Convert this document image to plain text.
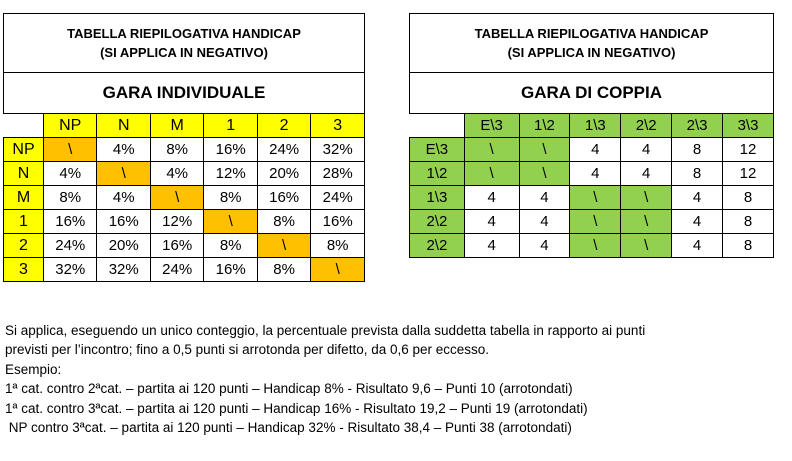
TABELLA RIEPILOGATIVA HANDICAP
(SI APPLICA IN NEGATIVO)						

GARA INDIVIDUALE						
	NP	N	M	1	2	3
NP	\	4%	8%	16%	24%	32%
N	4%	\	4%	12%	20%	28%
M	8%	4%	\	8%	16%	24%
1	16%	16%	12%	\	8%	16%
2	24%	20%	16%	8%	\	8%
3	32%	32%	24%	16%	8%	\
TABELLA RIEPILOGATIVA HANDICAP
(SI APPLICA IN NEGATIVO)						

GARA DI COPPIA						
	E\3	1\2	1\3	2\2	2\3	3\3
E\3	\	\	4	4	8	12
1\2	\	\	4	4	8	12
1\3	4	4	\	\	4	8
2\2	4	4	\	\	4	8
2\2	4	4	\	\	4	8
Si applica, eseguendo un unico conteggio, la percentuale prevista dalla suddetta tabella in rapporto ai punti
previsti per l’incontro; fino a 0,5 punti si arrotonda per difetto, da 0,6 per eccesso.
Esempio:
1ª cat. contro 2ªcat. – partita ai 120 punti – Handicap 8% - Risultato 9,6 – Punti 10 (arrotondati)
1ª cat. contro 3ªcat. – partita ai 120 punti – Handicap 16% - Risultato 19,2 – Punti 19 (arrotondati)
NP contro 3ªcat. – partita ai 120 punti – Handicap 32% - Risultato 38,4 – Punti 38 (arrotondati)
